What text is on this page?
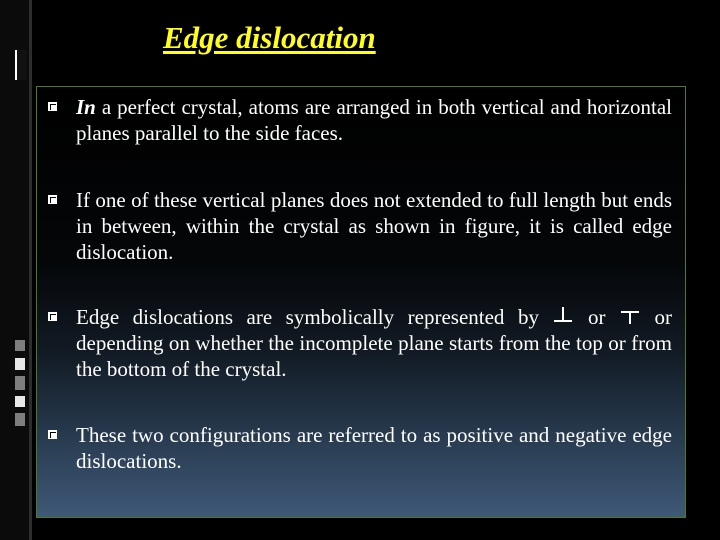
Edge dislocation
In a perfect crystal, atoms are arranged in both vertical and horizontal planes parallel to the side faces.
If one of these vertical planes does not extended to full length but ends in between, within the crystal as shown in figure, it is called edge dislocation.
Edge dislocations are symbolically represented by or or depending on whether the incomplete plane starts from the top or from the bottom of the crystal.
These two configurations are referred to as positive and negative edge dislocations.
